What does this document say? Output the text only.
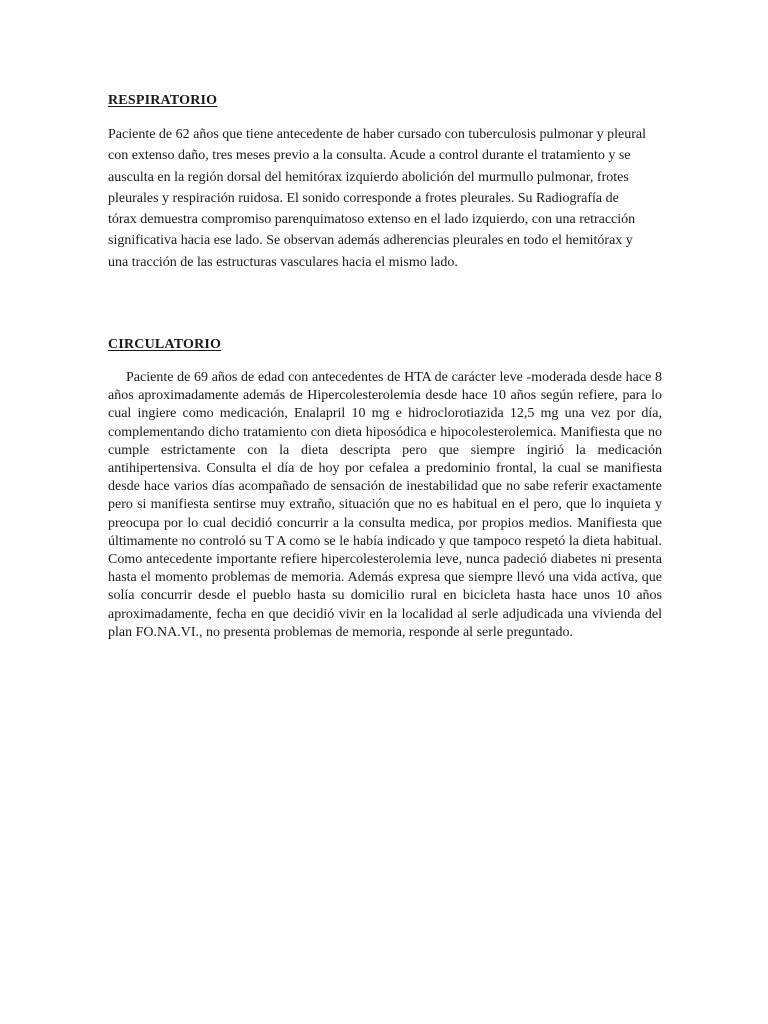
RESPIRATORIO

Paciente de 62 años que tiene antecedente de haber cursado con tuberculosis pulmonar y pleural con extenso daño, tres meses previo a la consulta. Acude a control durante el tratamiento y se ausculta en la región dorsal del hemitórax izquierdo abolición del murmullo pulmonar, frotes pleurales y respiración ruidosa. El sonido corresponde a frotes pleurales. Su Radiografía de tórax demuestra compromiso parenquimatoso extenso en el lado izquierdo, con una retracción significativa hacia ese lado. Se observan además adherencias pleurales en todo el hemitórax y una tracción de las estructuras vasculares hacia el mismo lado.

CIRCULATORIO

Paciente de 69 años de edad con antecedentes de HTA de carácter leve -moderada desde hace 8 años aproximadamente además de Hipercolesterolemia desde hace 10 años según refiere, para lo cual ingiere como medicación, Enalapril 10 mg e hidroclorotiazida 12,5 mg una vez por día, complementando dicho tratamiento con dieta hiposódica e hipocolesterolemica. Manifiesta que no cumple estrictamente con la dieta descripta pero que siempre ingirió la medicación antihipertensiva. Consulta el día de hoy por cefalea a predominio frontal, la cual se manifiesta desde hace varios días acompañado de sensación de inestabilidad que no sabe referir exactamente pero si manifiesta sentirse muy extraño, situación que no es habitual en el pero, que lo inquieta y preocupa por lo cual decidió concurrir a la consulta medica, por propios medios. Manifiesta que últimamente no controló su T A como se le había indicado y que tampoco respetó la dieta habitual. Como antecedente importante refiere hipercolesterolemia leve, nunca padeció diabetes ni presenta hasta el momento problemas de memoria. Además expresa que siempre llevó una vida activa, que solía concurrir desde el pueblo hasta su domicilio rural en bicicleta hasta hace unos 10 años aproximadamente, fecha en que decidió vivir en la localidad al serle adjudicada una vivienda del plan FO.NA.VI., no presenta problemas de memoria, responde al serle preguntado.
